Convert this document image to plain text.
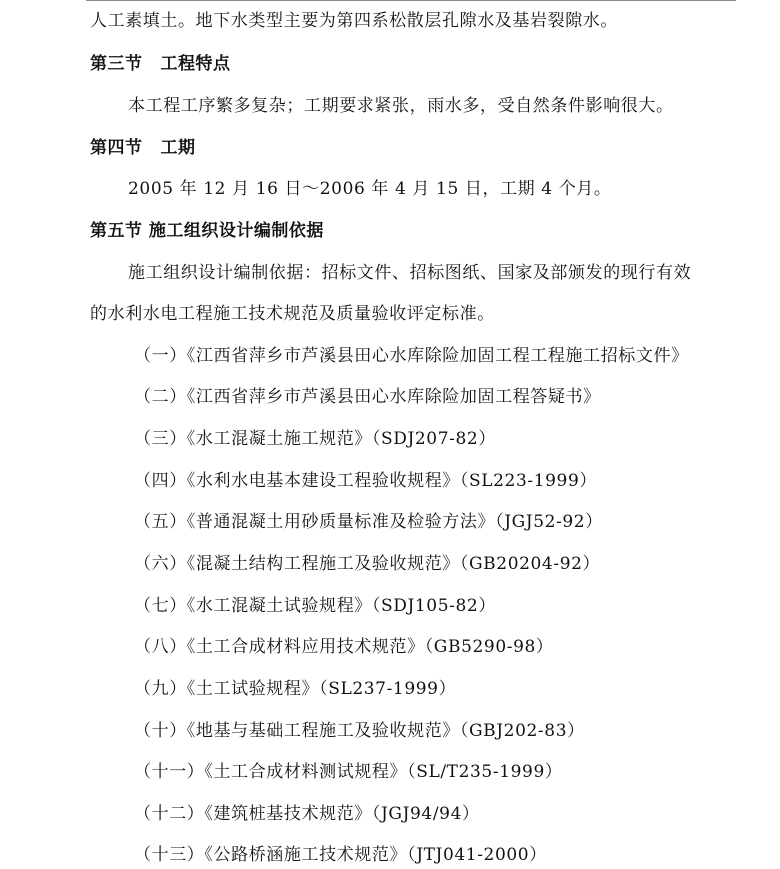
人工素填土。地下水类型主要为第四系松散层孔隙水及基岩裂隙水。
第三节 工程特点
本工程工序繁多复杂；工期要求紧张，雨水多，受自然条件影响很大。
第四节 工期
2005 年 12 月 16 日～2006 年 4 月 15 日，工期 4 个月。
第五节 施工组织设计编制依据
施工组织设计编制依据：招标文件、招标图纸、国家及部颁发的现行有效
的水利水电工程施工技术规范及质量验收评定标准。
（一）《江西省萍乡市芦溪县田心水库除险加固工程工程施工招标文件》
（二）《江西省萍乡市芦溪县田心水库除险加固工程答疑书》
（三）《水工混凝土施工规范》（SDJ207-82）
（四）《水利水电基本建设工程验收规程》（SL223-1999）
（五）《普通混凝土用砂质量标准及检验方法》（JGJ52-92）
（六）《混凝土结构工程施工及验收规范》（GB20204-92）
（七）《水工混凝土试验规程》（SDJ105-82）
（八）《土工合成材料应用技术规范》（GB5290-98）
（九）《土工试验规程》（SL237-1999）
（十）《地基与基础工程施工及验收规范》（GBJ202-83）
（十一）《土工合成材料测试规程》（SL/T235-1999）
（十二）《建筑桩基技术规范》（JGJ94/94）
（十三）《公路桥涵施工技术规范》（JTJ041-2000）
